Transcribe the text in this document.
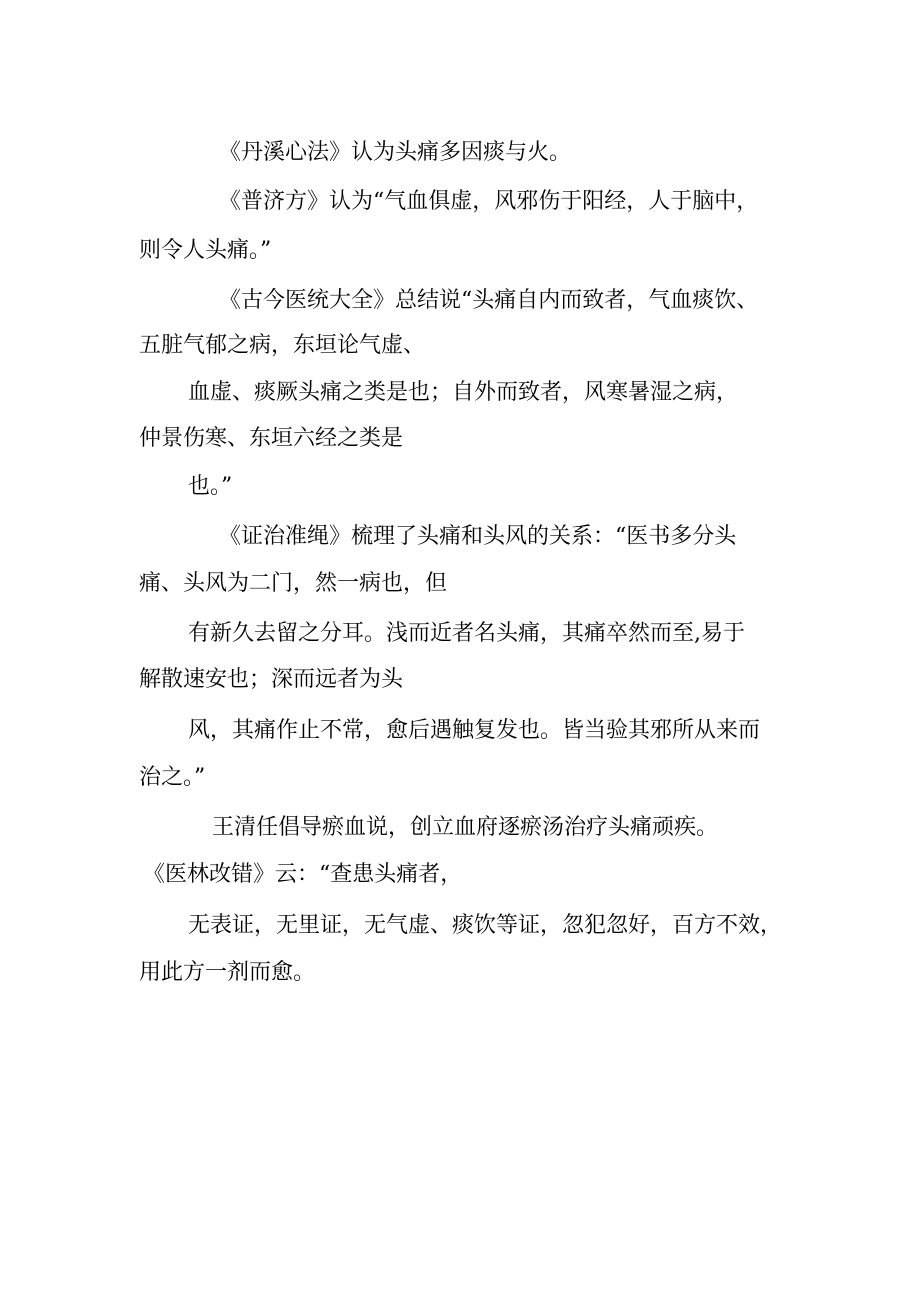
《丹溪心法》认为头痛多因痰与火。

《普济方》认为“气血俱虚，风邪伤于阳经，人于脑中，

则令人头痛。”

《古今医统大全》总结说“头痛自内而致者，气血痰饮、

五脏气郁之病，东垣论气虚、

血虚、痰厥头痛之类是也；自外而致者，风寒暑湿之病，

仲景伤寒、东垣六经之类是

也。”

《证治准绳》梳理了头痛和头风的关系：“医书多分头

痛、头风为二门，然一病也，但

有新久去留之分耳。浅而近者名头痛，其痛卒然而至,易于

解散速安也；深而远者为头

风，其痛作止不常，愈后遇触复发也。皆当验其邪所从来而

治之。”

王清任倡导瘀血说，创立血府逐瘀汤治疗头痛顽疾。

《医林改错》云：“查患头痛者，

无表证，无里证，无气虚、痰饮等证，忽犯忽好，百方不效，

用此方一剂而愈。
